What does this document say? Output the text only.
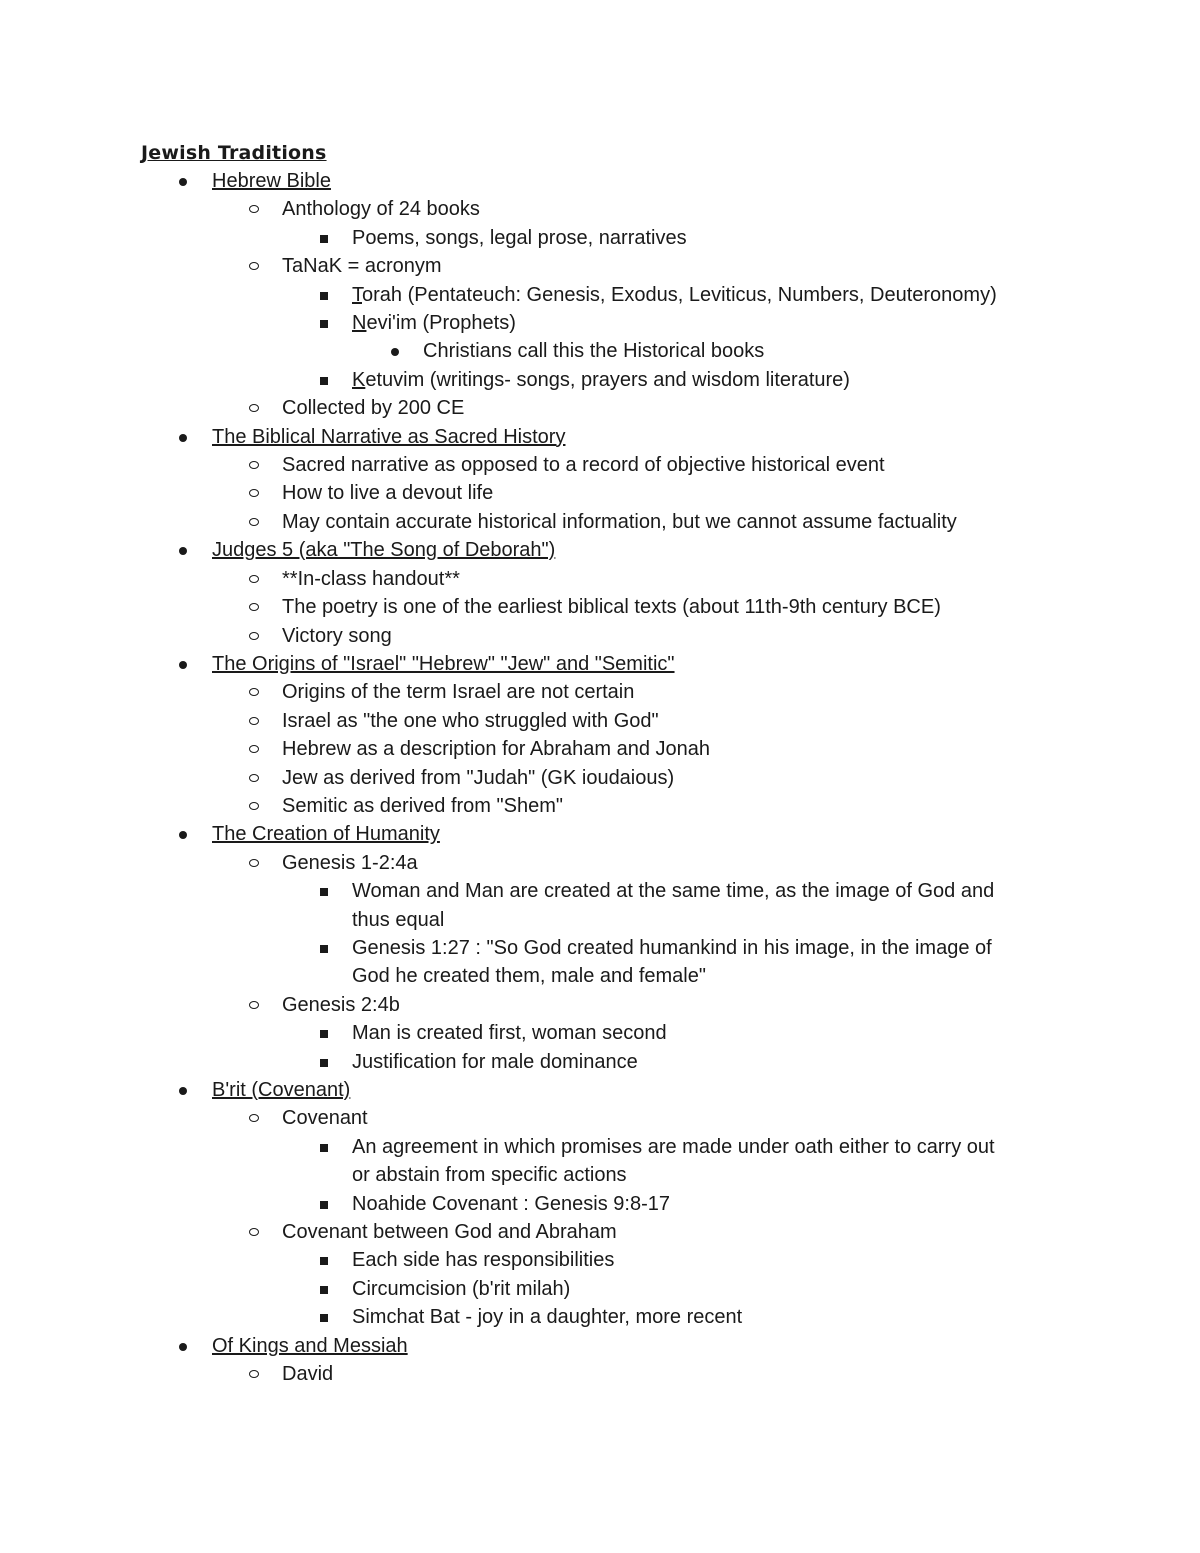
Jewish Traditions
Hebrew Bible
Anthology of 24 books
Poems, songs, legal prose, narratives
TaNaK = acronym
Torah (Pentateuch: Genesis, Exodus, Leviticus, Numbers, Deuteronomy)
Nevi'im (Prophets)
Christians call this the Historical books
Ketuvim (writings- songs, prayers and wisdom literature)
Collected by 200 CE
The Biblical Narrative as Sacred History
Sacred narrative as opposed to a record of objective historical event
How to live a devout life
May contain accurate historical information, but we cannot assume factuality
Judges 5 (aka "The Song of Deborah")
**In-class handout**
The poetry is one of the earliest biblical texts (about 11th-9th century BCE)
Victory song
The Origins of "Israel" "Hebrew" "Jew" and "Semitic"
Origins of the term Israel are not certain
Israel as "the one who struggled with God"
Hebrew as a description for Abraham and Jonah
Jew as derived from "Judah" (GK ioudaious)
Semitic as derived from "Shem"
The Creation of Humanity
Genesis 1-2:4a
Woman and Man are created at the same time, as the image of God and
thus equal
Genesis 1:27 : "So God created humankind in his image, in the image of
God he created them, male and female"
Genesis 2:4b
Man is created first, woman second
Justification for male dominance
B'rit (Covenant)
Covenant
An agreement in which promises are made under oath either to carry out
or abstain from specific actions
Noahide Covenant : Genesis 9:8-17
Covenant between God and Abraham
Each side has responsibilities
Circumcision (b'rit milah)
Simchat Bat - joy in a daughter, more recent
Of Kings and Messiah
David
